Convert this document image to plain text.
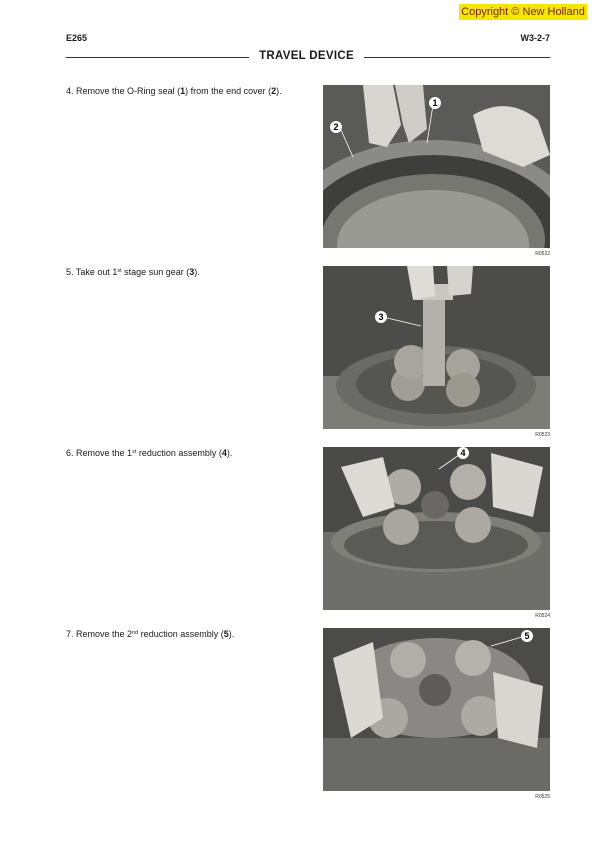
Copyright © New Holland
E265	W3-2-7
TRAVEL DEVICE
4. Remove the O-Ring seal (1) from the end cover (2).
1
2
R0522
5. Take out 1st stage sun gear (3).
3
R0523
6. Remove the 1st reduction assembly (4).	4
R0524
7. Remove the 2nd reduction assembly (5).	5
R0525
